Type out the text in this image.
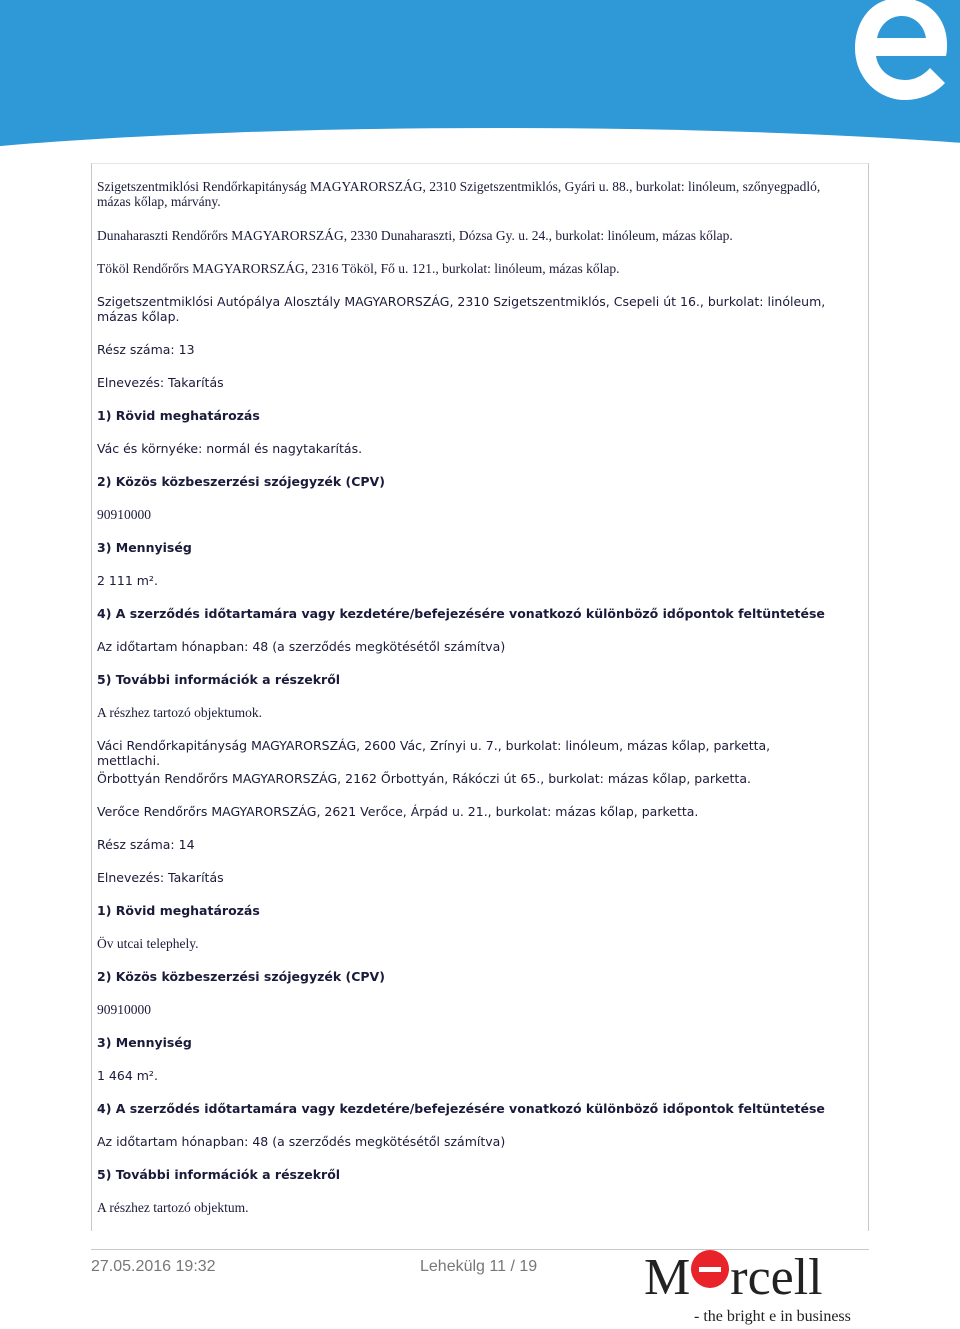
Szigetszentmiklósi Rendőrkapitányság MAGYARORSZÁG, 2310 Szigetszentmiklós, Gyári u. 88., burkolat: linóleum, szőnyegpadló, mázas kőlap, márvány.
Dunaharaszti Rendőrőrs MAGYARORSZÁG, 2330 Dunaharaszti, Dózsa Gy. u. 24., burkolat: linóleum, mázas kőlap.
Tököl Rendőrőrs MAGYARORSZÁG, 2316 Tököl, Fő u. 121., burkolat: linóleum, mázas kőlap.
Szigetszentmiklósi Autópálya Alosztály MAGYARORSZÁG, 2310 Szigetszentmiklós, Csepeli út 16., burkolat: linóleum, mázas kőlap.
Rész száma: 13
Elnevezés: Takarítás
1) Rövid meghatározás
Vác és környéke: normál és nagytakarítás.
2) Közös közbeszerzési szójegyzék (CPV)
90910000
3) Mennyiség
2 111 m².
4) A szerződés időtartamára vagy kezdetére/befejezésére vonatkozó különböző időpontok feltüntetése
Az időtartam hónapban: 48 (a szerződés megkötésétől számítva)
5) További információk a részekről
A részhez tartozó objektumok.
Váci Rendőrkapitányság MAGYARORSZÁG, 2600 Vác, Zrínyi u. 7., burkolat: linóleum, mázas kőlap, parketta, mettlachi.
Örbottyán Rendőrőrs MAGYARORSZÁG, 2162 Őrbottyán, Rákóczi út 65., burkolat: mázas kőlap, parketta.
Verőce Rendőrőrs MAGYARORSZÁG, 2621 Verőce, Árpád u. 21., burkolat: mázas kőlap, parketta.
Rész száma: 14
Elnevezés: Takarítás
1) Rövid meghatározás
Öv utcai telephely.
2) Közös közbeszerzési szójegyzék (CPV)
90910000
3) Mennyiség
1 464 m².
4) A szerződés időtartamára vagy kezdetére/befejezésére vonatkozó különböző időpontok feltüntetése
Az időtartam hónapban: 48 (a szerződés megkötésétől számítva)
5) További információk a részekről
A részhez tartozó objektum.
27.05.2016 19:32	Lehekülg 11 / 19 M rcell
- the bright e in business
